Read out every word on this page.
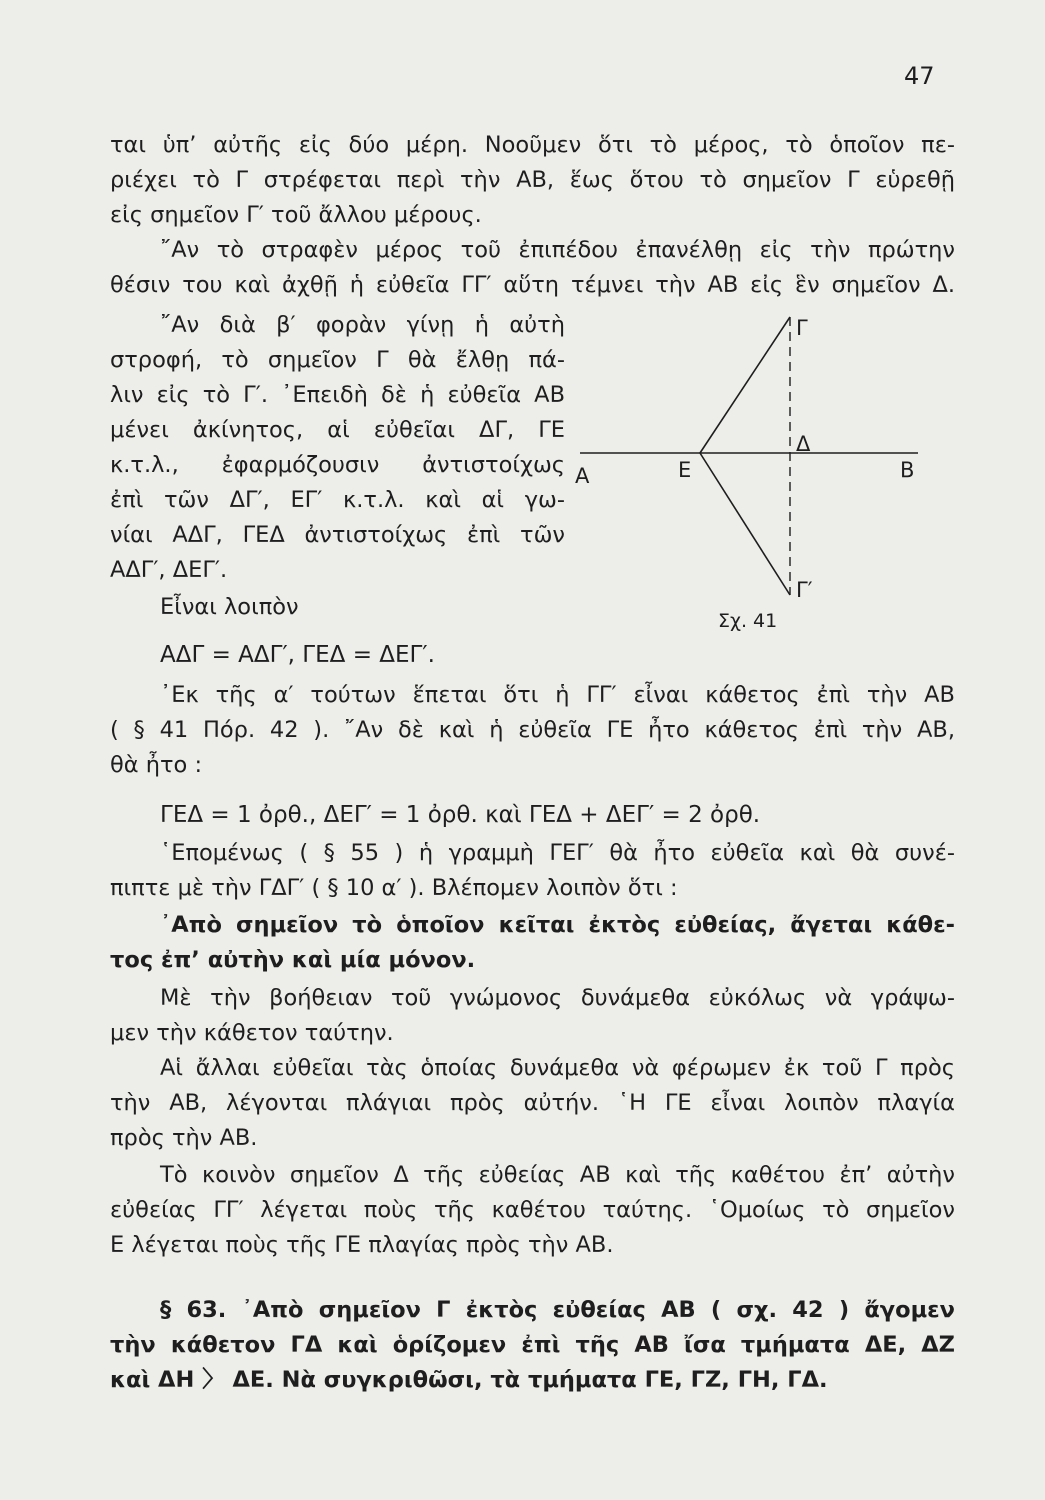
47
ται ὑπ’ αὐτῆς εἰς δύο μέρη. Νοοῦμεν ὅτι τὸ μέρος, τὸ ὁποῖον πε-
ριέχει τὸ Γ στρέφεται περὶ τὴν ΑΒ, ἕως ὅτου τὸ σημεῖον Γ εὑρεθῇ
εἰς σημεῖον Γ′ τοῦ ἄλλου μέρους.
῎Αν τὸ στραφὲν μέρος τοῦ ἐπιπέδου ἐπανέλθῃ εἰς τὴν πρώτην
θέσιν του καὶ ἀχθῇ ἡ εὐθεῖα ΓΓ′ αὕτη τέμνει τὴν ΑΒ εἰς ἓν σημεῖον Δ.
῎Αν διὰ β′ φορὰν γίνῃ ἡ αὐτὴ
στροφή, τὸ σημεῖον Γ θὰ ἔλθῃ πά-
λιν εἰς τὸ Γ′. ᾿Επειδὴ δὲ ἡ εὐθεῖα ΑΒ
μένει ἀκίνητος, αἱ εὐθεῖαι ΔΓ, ΓΕ
κ.τ.λ., ἐφαρμόζουσιν ἀντιστοίχως
ἐπὶ τῶν ΔΓ′, ΕΓ′ κ.τ.λ. καὶ αἱ γω-
νίαι ΑΔΓ, ΓΕΔ ἀντιστοίχως ἐπὶ τῶν
ΑΔΓ′, ΔΕΓ′.
Εἶναι λοιπὸν
ΑΔΓ = ΑΔΓ′, ΓΕΔ = ΔΕΓ′.
᾿Εκ τῆς α′ τούτων ἕπεται ὅτι ἡ ΓΓ′ εἶναι κάθετος ἐπὶ τὴν ΑΒ
( § 41 Πόρ. 42 ). ῎Αν δὲ καὶ ἡ εὐθεῖα ΓΕ ἦτο κάθετος ἐπὶ τὴν ΑΒ,
θὰ ἦτο :
ΓΕΔ = 1 ὀρθ., ΔΕΓ′ = 1 ὀρθ. καὶ ΓΕΔ + ΔΕΓ′ = 2 ὀρθ.
῾Επομένως ( § 55 ) ἡ γραμμὴ ΓΕΓ′ θὰ ἦτο εὐθεῖα καὶ θὰ συνέ-
πιπτε μὲ τὴν ΓΔΓ′ ( § 10 α′ ). Βλέπομεν λοιπὸν ὅτι :
᾿Απὸ σημεῖον τὸ ὁποῖον κεῖται ἐκτὸς εὐθείας, ἄγεται κάθε-
τος ἐπ’ αὐτὴν καὶ μία μόνον.
Μὲ τὴν βοήθειαν τοῦ γνώμονος δυνάμεθα εὐκόλως νὰ γράψω-
μεν τὴν κάθετον ταύτην.
Αἱ ἄλλαι εὐθεῖαι τὰς ὁποίας δυνάμεθα νὰ φέρωμεν ἐκ τοῦ Γ πρὸς
τὴν ΑΒ, λέγονται πλάγιαι πρὸς αὐτήν. ῾Η ΓΕ εἶναι λοιπὸν πλαγία
πρὸς τὴν ΑΒ.
Τὸ κοινὸν σημεῖον Δ τῆς εὐθείας ΑΒ καὶ τῆς καθέτου ἐπ’ αὐτὴν
εὐθείας ΓΓ′ λέγεται ποὺς τῆς καθέτου ταύτης. ῾Ομοίως τὸ σημεῖον
Ε λέγεται ποὺς τῆς ΓΕ πλαγίας πρὸς τὴν ΑΒ.
§ 63. ᾿Απὸ σημεῖον Γ ἐκτὸς εὐθείας ΑΒ ( σχ. 42 ) ἄγομεν
τὴν κάθετον ΓΔ καὶ ὁρίζομεν ἐπὶ τῆς ΑΒ ἴσα τμήματα ΔΕ, ΔΖ
καὶ ΔΗ 〉 ΔΕ. Νὰ συγκριθῶσι, τὰ τμήματα ΓΕ, ΓΖ, ΓΗ, ΓΔ.
Γ
Δ
Α	Ε	Β
Γ′
Σχ. 41
